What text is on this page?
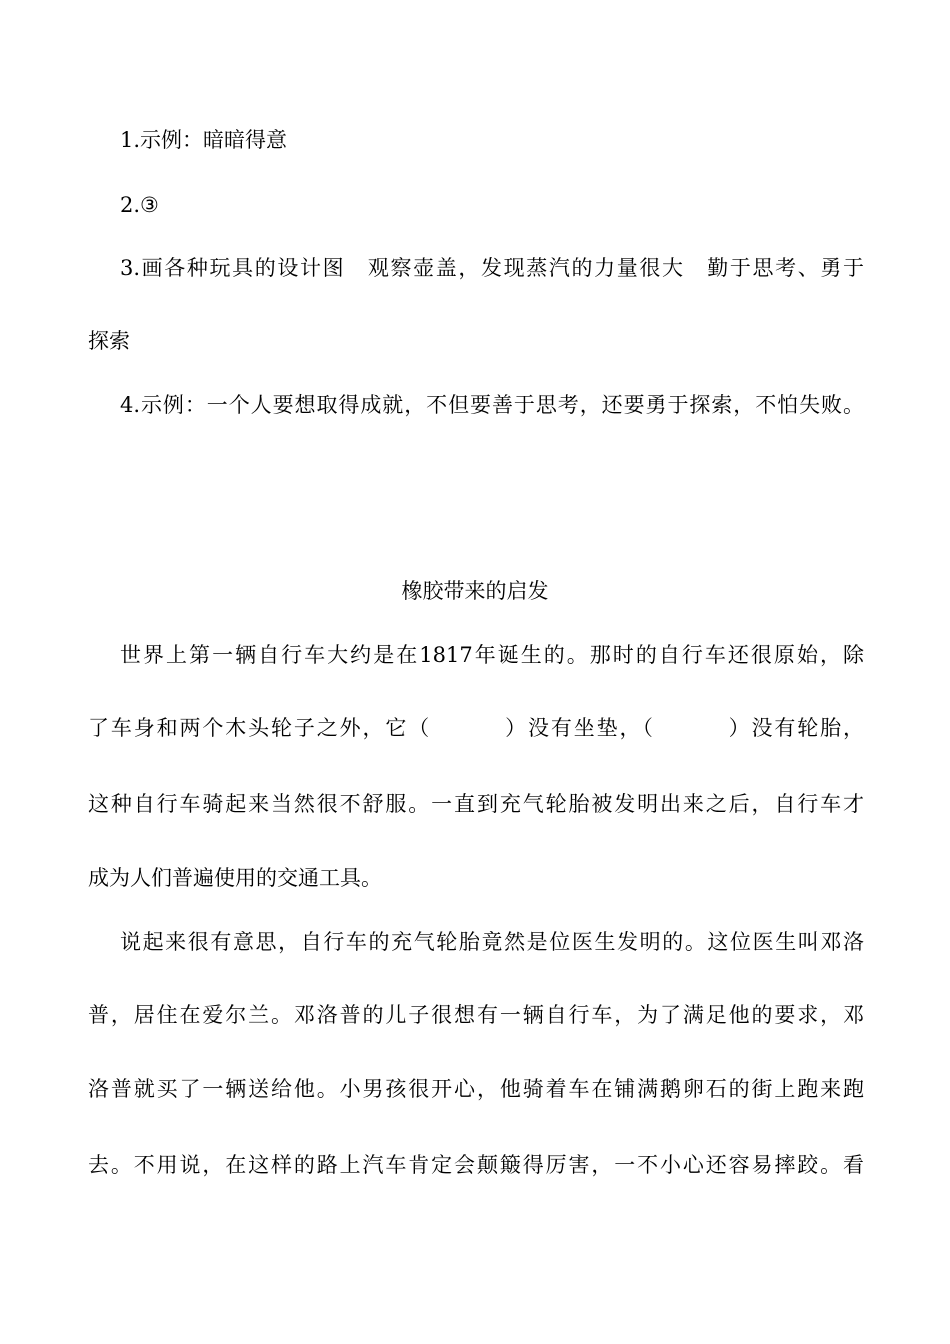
1.示例：暗暗得意
2.③
3.画各种玩具的设计图　观察壶盖，发现蒸汽的力量很大　勤于思考、勇于
探索
4.示例：一个人要想取得成就，不但要善于思考，还要勇于探索，不怕失败。
橡胶带来的启发
世界上第一辆自行车大约是在1817年诞生的。那时的自行车还很原始，除
了车身和两个木头轮子之外，它（	）没有坐垫，（	）没有轮胎，
这种自行车骑起来当然很不舒服。一直到充气轮胎被发明出来之后，自行车才
成为人们普遍使用的交通工具。
说起来很有意思，自行车的充气轮胎竟然是位医生发明的。这位医生叫邓洛
普，居住在爱尔兰。邓洛普的儿子很想有一辆自行车，为了满足他的要求，邓
洛普就买了一辆送给他。小男孩很开心，他骑着车在铺满鹅卵石的街上跑来跑
去。不用说，在这样的路上汽车肯定会颠簸得厉害，一不小心还容易摔跤。看
